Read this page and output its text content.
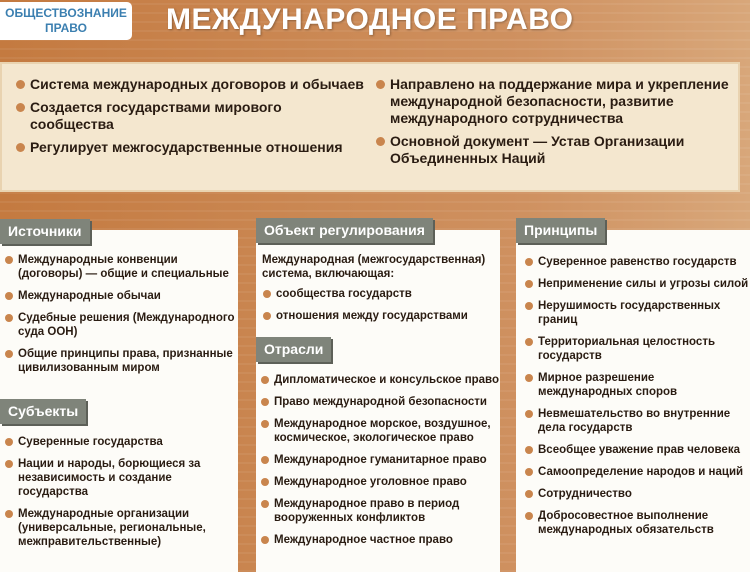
ОБЩЕСТВОЗНАНИЕ
ПРАВО	МЕЖДУНАРОДНОЕ ПРАВО
Система международных договоров и обычаев
Создается государствами мирового сообщества
Регулирует межгосударственные отношения
Направлено на поддержание мира и укрепление международной безопасности, развитие международного сотрудничества
Основной документ — Устав Организации Объединенных Наций
Источники
Международные конвенции (договоры) — общие и специальные
Международные обычаи
Судебные решения (Международного суда ООН)
Общие принципы права, признанные цивилизованным миром
Субъекты
Суверенные государства
Нации и народы, борющиеся за независимость и создание государства
Международные организации (универсальные, региональные, межправительственные)
Объект регулирования
Международная (межгосударственная) система, включающая:
сообщества государств
отношения между государствами
Отрасли
Дипломатическое и консульское право
Право международной безопасности
Международное морское, воздушное, космическое, экологическое право
Международное гуманитарное право
Международное уголовное право
Международное право в период вооруженных конфликтов
Международное частное право
Принципы
Суверенное равенство государств
Неприменение силы и угрозы силой
Нерушимость государственных границ
Территориальная целостность государств
Мирное разрешение международных споров
Невмешательство во внутренние дела государств
Всеобщее уважение прав человека
Самоопределение народов и наций
Сотрудничество
Добросовестное выполнение международных обязательств
